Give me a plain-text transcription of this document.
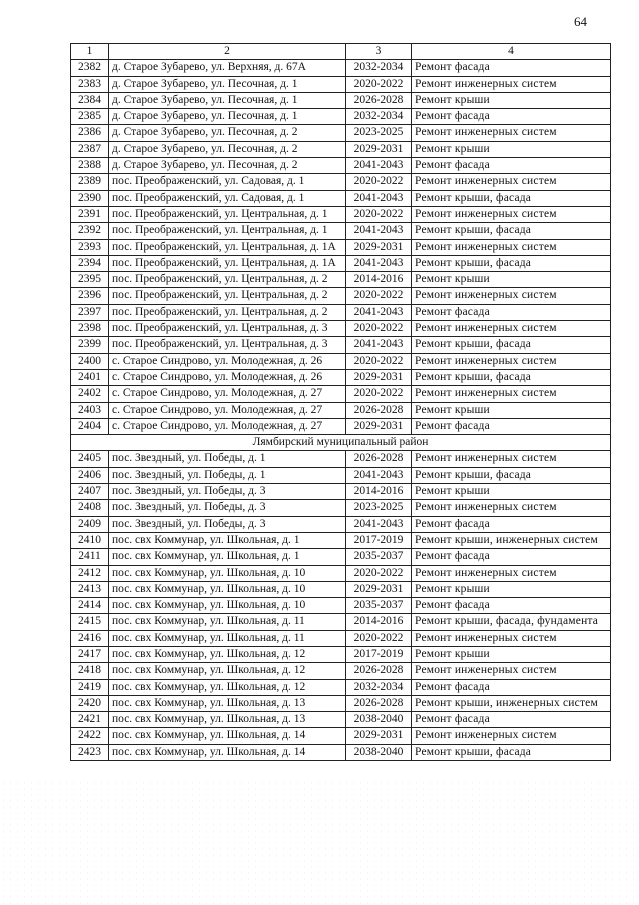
64
1	2	3	4
2382	д. Старое Зубарево, ул. Верхняя, д. 67А	2032-2034	Ремонт фасада
2383	д. Старое Зубарево, ул. Песочная, д. 1	2020-2022	Ремонт инженерных систем
2384	д. Старое Зубарево, ул. Песочная, д. 1	2026-2028	Ремонт крыши
2385	д. Старое Зубарево, ул. Песочная, д. 1	2032-2034	Ремонт фасада
2386	д. Старое Зубарево, ул. Песочная, д. 2	2023-2025	Ремонт инженерных систем
2387	д. Старое Зубарево, ул. Песочная, д. 2	2029-2031	Ремонт крыши
2388	д. Старое Зубарево, ул. Песочная, д. 2	2041-2043	Ремонт фасада
2389	пос. Преображенский, ул. Садовая, д. 1	2020-2022	Ремонт инженерных систем
2390	пос. Преображенский, ул. Садовая, д. 1	2041-2043	Ремонт крыши, фасада
2391	пос. Преображенский, ул. Центральная, д. 1	2020-2022	Ремонт инженерных систем
2392	пос. Преображенский, ул. Центральная, д. 1	2041-2043	Ремонт крыши, фасада
2393	пос. Преображенский, ул. Центральная, д. 1А	2029-2031	Ремонт инженерных систем
2394	пос. Преображенский, ул. Центральная, д. 1А	2041-2043	Ремонт крыши, фасада
2395	пос. Преображенский, ул. Центральная, д. 2	2014-2016	Ремонт крыши
2396	пос. Преображенский, ул. Центральная, д. 2	2020-2022	Ремонт инженерных систем
2397	пос. Преображенский, ул. Центральная, д. 2	2041-2043	Ремонт фасада
2398	пос. Преображенский, ул. Центральная, д. 3	2020-2022	Ремонт инженерных систем
2399	пос. Преображенский, ул. Центральная, д. 3	2041-2043	Ремонт крыши, фасада
2400	с. Старое Синдрово, ул. Молодежная, д. 26	2020-2022	Ремонт инженерных систем
2401	с. Старое Синдрово, ул. Молодежная, д. 26	2029-2031	Ремонт крыши, фасада
2402	с. Старое Синдрово, ул. Молодежная, д. 27	2020-2022	Ремонт инженерных систем
2403	с. Старое Синдрово, ул. Молодежная, д. 27	2026-2028	Ремонт крыши
2404	с. Старое Синдрово, ул. Молодежная, д. 27	2029-2031	Ремонт фасада
Лямбирский муниципальный район			
2405	пос. Звездный, ул. Победы, д. 1	2026-2028	Ремонт инженерных систем
2406	пос. Звездный, ул. Победы, д. 1	2041-2043	Ремонт крыши, фасада
2407	пос. Звездный, ул. Победы, д. 3	2014-2016	Ремонт крыши
2408	пос. Звездный, ул. Победы, д. 3	2023-2025	Ремонт инженерных систем
2409	пос. Звездный, ул. Победы, д. 3	2041-2043	Ремонт фасада
2410	пос. свх Коммунар, ул. Школьная, д. 1	2017-2019	Ремонт крыши, инженерных систем
2411	пос. свх Коммунар, ул. Школьная, д. 1	2035-2037	Ремонт фасада
2412	пос. свх Коммунар, ул. Школьная, д. 10	2020-2022	Ремонт инженерных систем
2413	пос. свх Коммунар, ул. Школьная, д. 10	2029-2031	Ремонт крыши
2414	пос. свх Коммунар, ул. Школьная, д. 10	2035-2037	Ремонт фасада
2415	пос. свх Коммунар, ул. Школьная, д. 11	2014-2016	Ремонт крыши, фасада, фундамента
2416	пос. свх Коммунар, ул. Школьная, д. 11	2020-2022	Ремонт инженерных систем
2417	пос. свх Коммунар, ул. Школьная, д. 12	2017-2019	Ремонт крыши
2418	пос. свх Коммунар, ул. Школьная, д. 12	2026-2028	Ремонт инженерных систем
2419	пос. свх Коммунар, ул. Школьная, д. 12	2032-2034	Ремонт фасада
2420	пос. свх Коммунар, ул. Школьная, д. 13	2026-2028	Ремонт крыши, инженерных систем
2421	пос. свх Коммунар, ул. Школьная, д. 13	2038-2040	Ремонт фасада
2422	пос. свх Коммунар, ул. Школьная, д. 14	2029-2031	Ремонт инженерных систем
2423	пос. свх Коммунар, ул. Школьная, д. 14	2038-2040	Ремонт крыши, фасада
